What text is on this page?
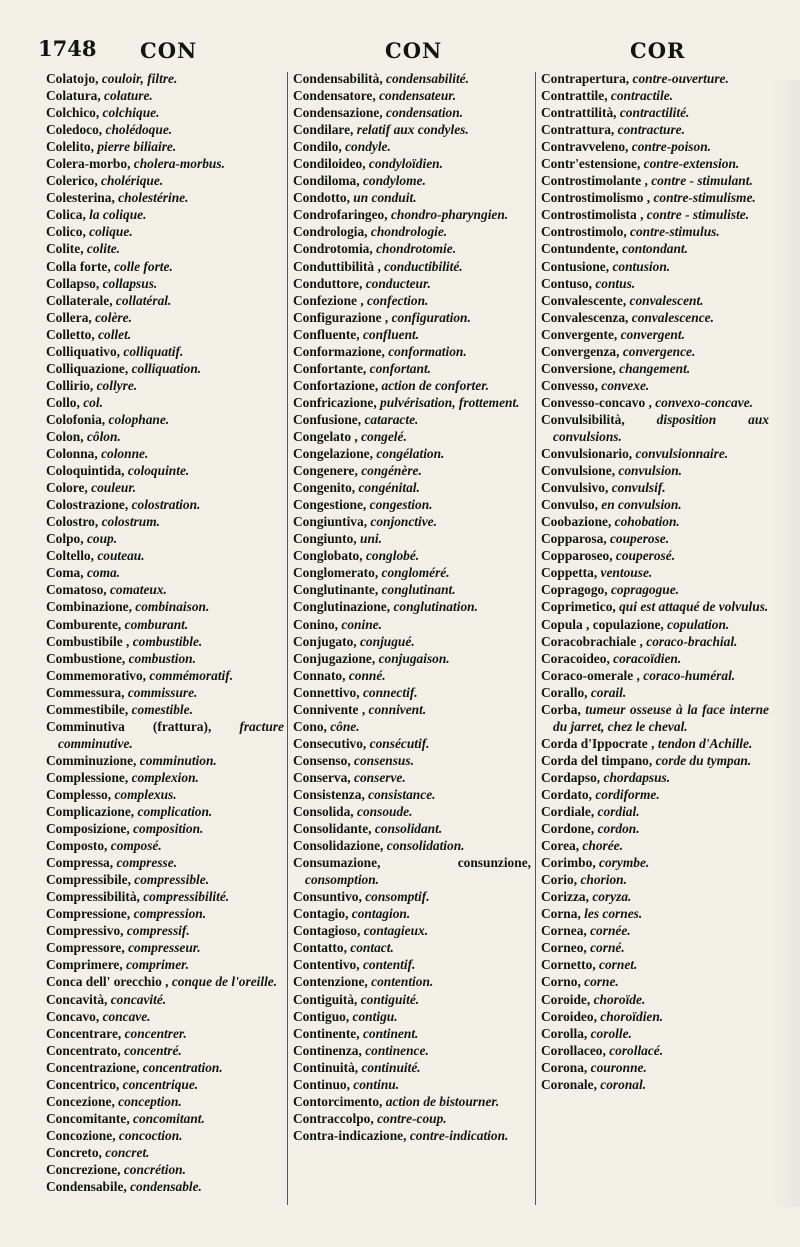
1748 CON	CON	COR
Colatojo, couloir, filtre.
Colatura, colature.
Colchico, colchique.
Coledoco, cholédoque.
Colelito, pierre biliaire.
Colera-morbo, cholera-morbus.
Colerico, cholérique.
Colesterina, cholestérine.
Colica, la colique.
Colico, colique.
Colite, colite.
Colla forte, colle forte.
Collapso, collapsus.
Collaterale, collatéral.
Collera, colère.
Colletto, collet.
Colliquativo, colliquatif.
Colliquazione, colliquation.
Collirio, collyre.
Collo, col.
Colofonia, colophane.
Colon, côlon.
Colonna, colonne.
Coloquintida, coloquinte.
Colore, couleur.
Colostrazione, colostration.
Colostro, colostrum.
Colpo, coup.
Coltello, couteau.
Coma, coma.
Comatoso, comateux.
Combinazione, combinaison.
Comburente, comburant.
Combustibile , combustible.
Combustione, combustion.
Commemorativo, commémoratif.
Commessura, commissure.
Commestibile, comestible.
Comminutiva (frattura), fracture comminutive.
Comminuzione, comminution.
Complessione, complexion.
Complesso, complexus.
Complicazione, complication.
Composizione, composition.
Composto, composé.
Compressa, compresse.
Compressibile, compressible.
Compressibilità, compressibilité.
Compressione, compression.
Compressivo, compressif.
Compressore, compresseur.
Comprimere, comprimer.
Conca dell' orecchio , conque de l'oreille.
Concavità, concavité.
Concavo, concave.
Concentrare, concentrer.
Concentrato, concentré.
Concentrazione, concentration.
Concentrico, concentrique.
Concezione, conception.
Concomitante, concomitant.
Concozione, concoction.
Concreto, concret.
Concrezione, concrétion.
Condensabile, condensable.
Condensabilità, condensabilité.
Condensatore, condensateur.
Condensazione, condensation.
Condilare, relatif aux condyles.
Condilo, condyle.
Condiloideo, condyloïdien.
Condiloma, condylome.
Condotto, un conduit.
Condrofaringeo, chondro-pharyngien.
Condrologia, chondrologie.
Condrotomia, chondrotomie.
Conduttibilità , conductibilité.
Conduttore, conducteur.
Confezione , confection.
Configurazione , configuration.
Confluente, confluent.
Conformazione, conformation.
Confortante, confortant.
Confortazione, action de conforter.
Confricazione, pulvérisation, frottement.
Confusione, cataracte.
Congelato , congelé.
Congelazione, congélation.
Congenere, congénère.
Congenito, congénital.
Congestione, congestion.
Congiuntiva, conjonctive.
Congiunto, uni.
Conglobato, conglobé.
Conglomerato, congloméré.
Conglutinante, conglutinant.
Conglutinazione, conglutination.
Conino, conine.
Conjugato, conjugué.
Conjugazione, conjugaison.
Connato, conné.
Connettivo, connectif.
Connivente , connivent.
Cono, cône.
Consecutivo, consécutif.
Consenso, consensus.
Conserva, conserve.
Consistenza, consistance.
Consolida, consoude.
Consolidante, consolidant.
Consolidazione, consolidation.
Consumazione, consunzione, consomption.
Consuntivo, consomptif.
Contagio, contagion.
Contagioso, contagieux.
Contatto, contact.
Contentivo, contentif.
Contenzione, contention.
Contiguità, contiguité.
Contiguo, contigu.
Continente, continent.
Continenza, continence.
Continuità, continuité.
Continuo, continu.
Contorcimento, action de bistourner.
Contraccolpo, contre-coup.
Contra-indicazione, contre-indication.
Contrapertura, contre-ouverture.
Contrattile, contractile.
Contrattilità, contractilité.
Contrattura, contracture.
Contravveleno, contre-poison.
Contr'estensione, contre-extension.
Controstimolante , contre - stimulant.
Controstimolismo , contre-stimulisme.
Controstimolista , contre - stimuliste.
Controstimolo, contre-stimulus.
Contundente, contondant.
Contusione, contusion.
Contuso, contus.
Convalescente, convalescent.
Convalescenza, convalescence.
Convergente, convergent.
Convergenza, convergence.
Conversione, changement.
Convesso, convexe.
Convesso-concavo , convexo-concave.
Convulsibilità, disposition aux convulsions.
Convulsionario, convulsionnaire.
Convulsione, convulsion.
Convulsivo, convulsif.
Convulso, en convulsion.
Coobazione, cohobation.
Copparosa, couperose.
Copparoseo, couperosé.
Coppetta, ventouse.
Copragogo, copragogue.
Coprimetico, qui est attaqué de volvulus.
Copula , copulazione, copulation.
Coracobrachiale , coraco-brachial.
Coracoideo, coracoïdien.
Coraco-omerale , coraco-huméral.
Corallo, corail.
Corba, tumeur osseuse à la face interne du jarret, chez le cheval.
Corda d'Ippocrate , tendon d'Achille.
Corda del timpano, corde du tympan.
Cordapso, chordapsus.
Cordato, cordiforme.
Cordiale, cordial.
Cordone, cordon.
Corea, chorée.
Corimbo, corymbe.
Corio, chorion.
Corizza, coryza.
Corna, les cornes.
Cornea, cornée.
Corneo, corné.
Cornetto, cornet.
Corno, corne.
Coroide, choroïde.
Coroideo, choroïdien.
Corolla, corolle.
Corollaceo, corollacé.
Corona, couronne.
Coronale, coronal.
